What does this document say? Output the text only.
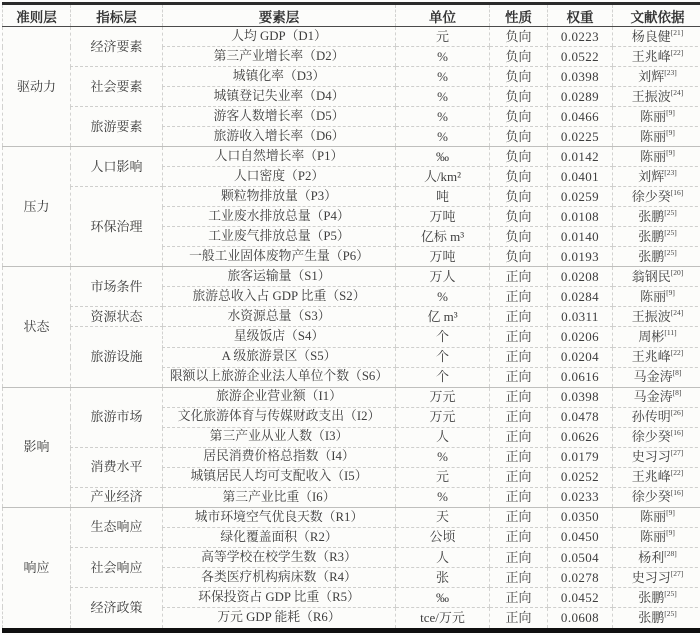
准则层	指标层	要素层	单位	性质	权重	文献依据
驱动力	经济要素	人均 GDP（D1）	元	负向	0.0223	杨良健[21]
		第三产业增长率（D2）	%	负向	0.0522	王兆峰[22]
	社会要素	城镇化率（D3）	%	负向	0.0398	刘辉[23]
		城镇登记失业率（D4）	%	负向	0.0289	王振波[24]
	旅游要素	游客人数增长率（D5）	%	负向	0.0466	陈丽[9]
		旅游收入增长率（D6）	%	负向	0.0225	陈丽[9]
压力	人口影响	人口自然增长率（P1）	‰	负向	0.0142	陈丽[9]
		人口密度（P2）	人/km²	负向	0.0401	刘辉[23]
	环保治理	颗粒物排放量（P3）	吨	负向	0.0259	徐少癸[16]
		工业废水排放总量（P4）	万吨	负向	0.0108	张鹏[25]
		工业废气排放总量（P5）	亿标 m³	负向	0.0140	张鹏[25]
		一般工业固体废物产生量（P6）	万吨	负向	0.0193	张鹏[25]
状态	市场条件	旅客运输量（S1）	万人	正向	0.0208	翁钢民[20]
		旅游总收入占 GDP 比重（S2）	%	正向	0.0284	陈丽[9]
	资源状态	水资源总量（S3）	亿 m³	正向	0.0311	王振波[24]
	旅游设施	星级饭店（S4）	个	正向	0.0206	周彬[11]
		A 级旅游景区（S5）	个	正向	0.0204	王兆峰[22]
		限额以上旅游企业法人单位个数（S6）	个	正向	0.0616	马金涛[8]
影响	旅游市场	旅游企业营业额（I1）	万元	正向	0.0398	马金涛[8]
		文化旅游体育与传媒财政支出（I2）	万元	正向	0.0478	孙传明[26]
		第三产业从业人数（I3）	人	正向	0.0626	徐少癸[16]
	消费水平	居民消费价格总指数（I4）	%	正向	0.0179	史习习[27]
		城镇居民人均可支配收入（I5）	元	正向	0.0252	王兆峰[22]
	产业经济	第三产业比重（I6）	%	正向	0.0233	徐少癸[16]
响应	生态响应	城市环境空气优良天数（R1）	天	正向	0.0350	陈丽[9]
		绿化覆盖面积（R2）	公顷	正向	0.0450	陈丽[9]
	社会响应	高等学校在校学生数（R3）	人	正向	0.0504	杨利[28]
		各类医疗机构病床数（R4）	张	正向	0.0278	史习习[27]
	经济政策	环保投资占 GDP 比重（R5）	‰	正向	0.0452	张鹏[25]
		万元 GDP 能耗（R6）	tce/万元	正向	0.0608	张鹏[25]
